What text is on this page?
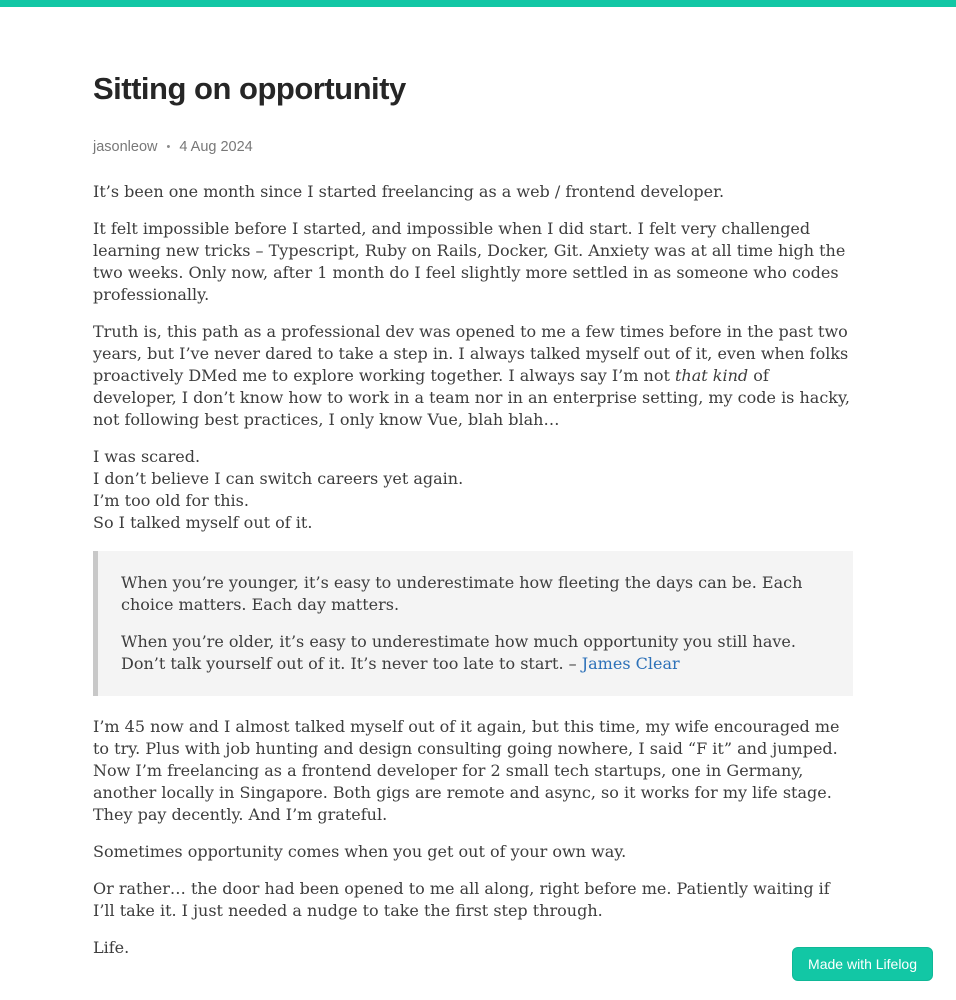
Sitting on opportunity
jasonleow • 4 Aug 2024

It’s been one month since I started freelancing as a web / frontend developer.

It felt impossible before I started, and impossible when I did start. I felt very challenged learning new tricks – Typescript, Ruby on Rails, Docker, Git. Anxiety was at all time high the two weeks. Only now, after 1 month do I feel slightly more settled in as someone who codes professionally.

Truth is, this path as a professional dev was opened to me a few times before in the past two years, but I’ve never dared to take a step in. I always talked myself out of it, even when folks proactively DMed me to explore working together. I always say I’m not that kind of developer, I don’t know how to work in a team nor in an enterprise setting, my code is hacky, not following best practices, I only know Vue, blah blah…

I was scared.
I don’t believe I can switch careers yet again.
I’m too old for this.
So I talked myself out of it.

When you’re younger, it’s easy to underestimate how fleeting the days can be. Each choice matters. Each day matters.

When you’re older, it’s easy to underestimate how much opportunity you still have. Don’t talk yourself out of it. It’s never too late to start. – James Clear

I’m 45 now and I almost talked myself out of it again, but this time, my wife encouraged me to try. Plus with job hunting and design consulting going nowhere, I said “F it” and jumped. Now I’m freelancing as a frontend developer for 2 small tech startups, one in Germany, another locally in Singapore. Both gigs are remote and async, so it works for my life stage. They pay decently. And I’m grateful.

Sometimes opportunity comes when you get out of your own way.

Or rather… the door had been opened to me all along, right before me. Patiently waiting if I’ll take it. I just needed a nudge to take the first step through.

Life.

Made with Lifelog
